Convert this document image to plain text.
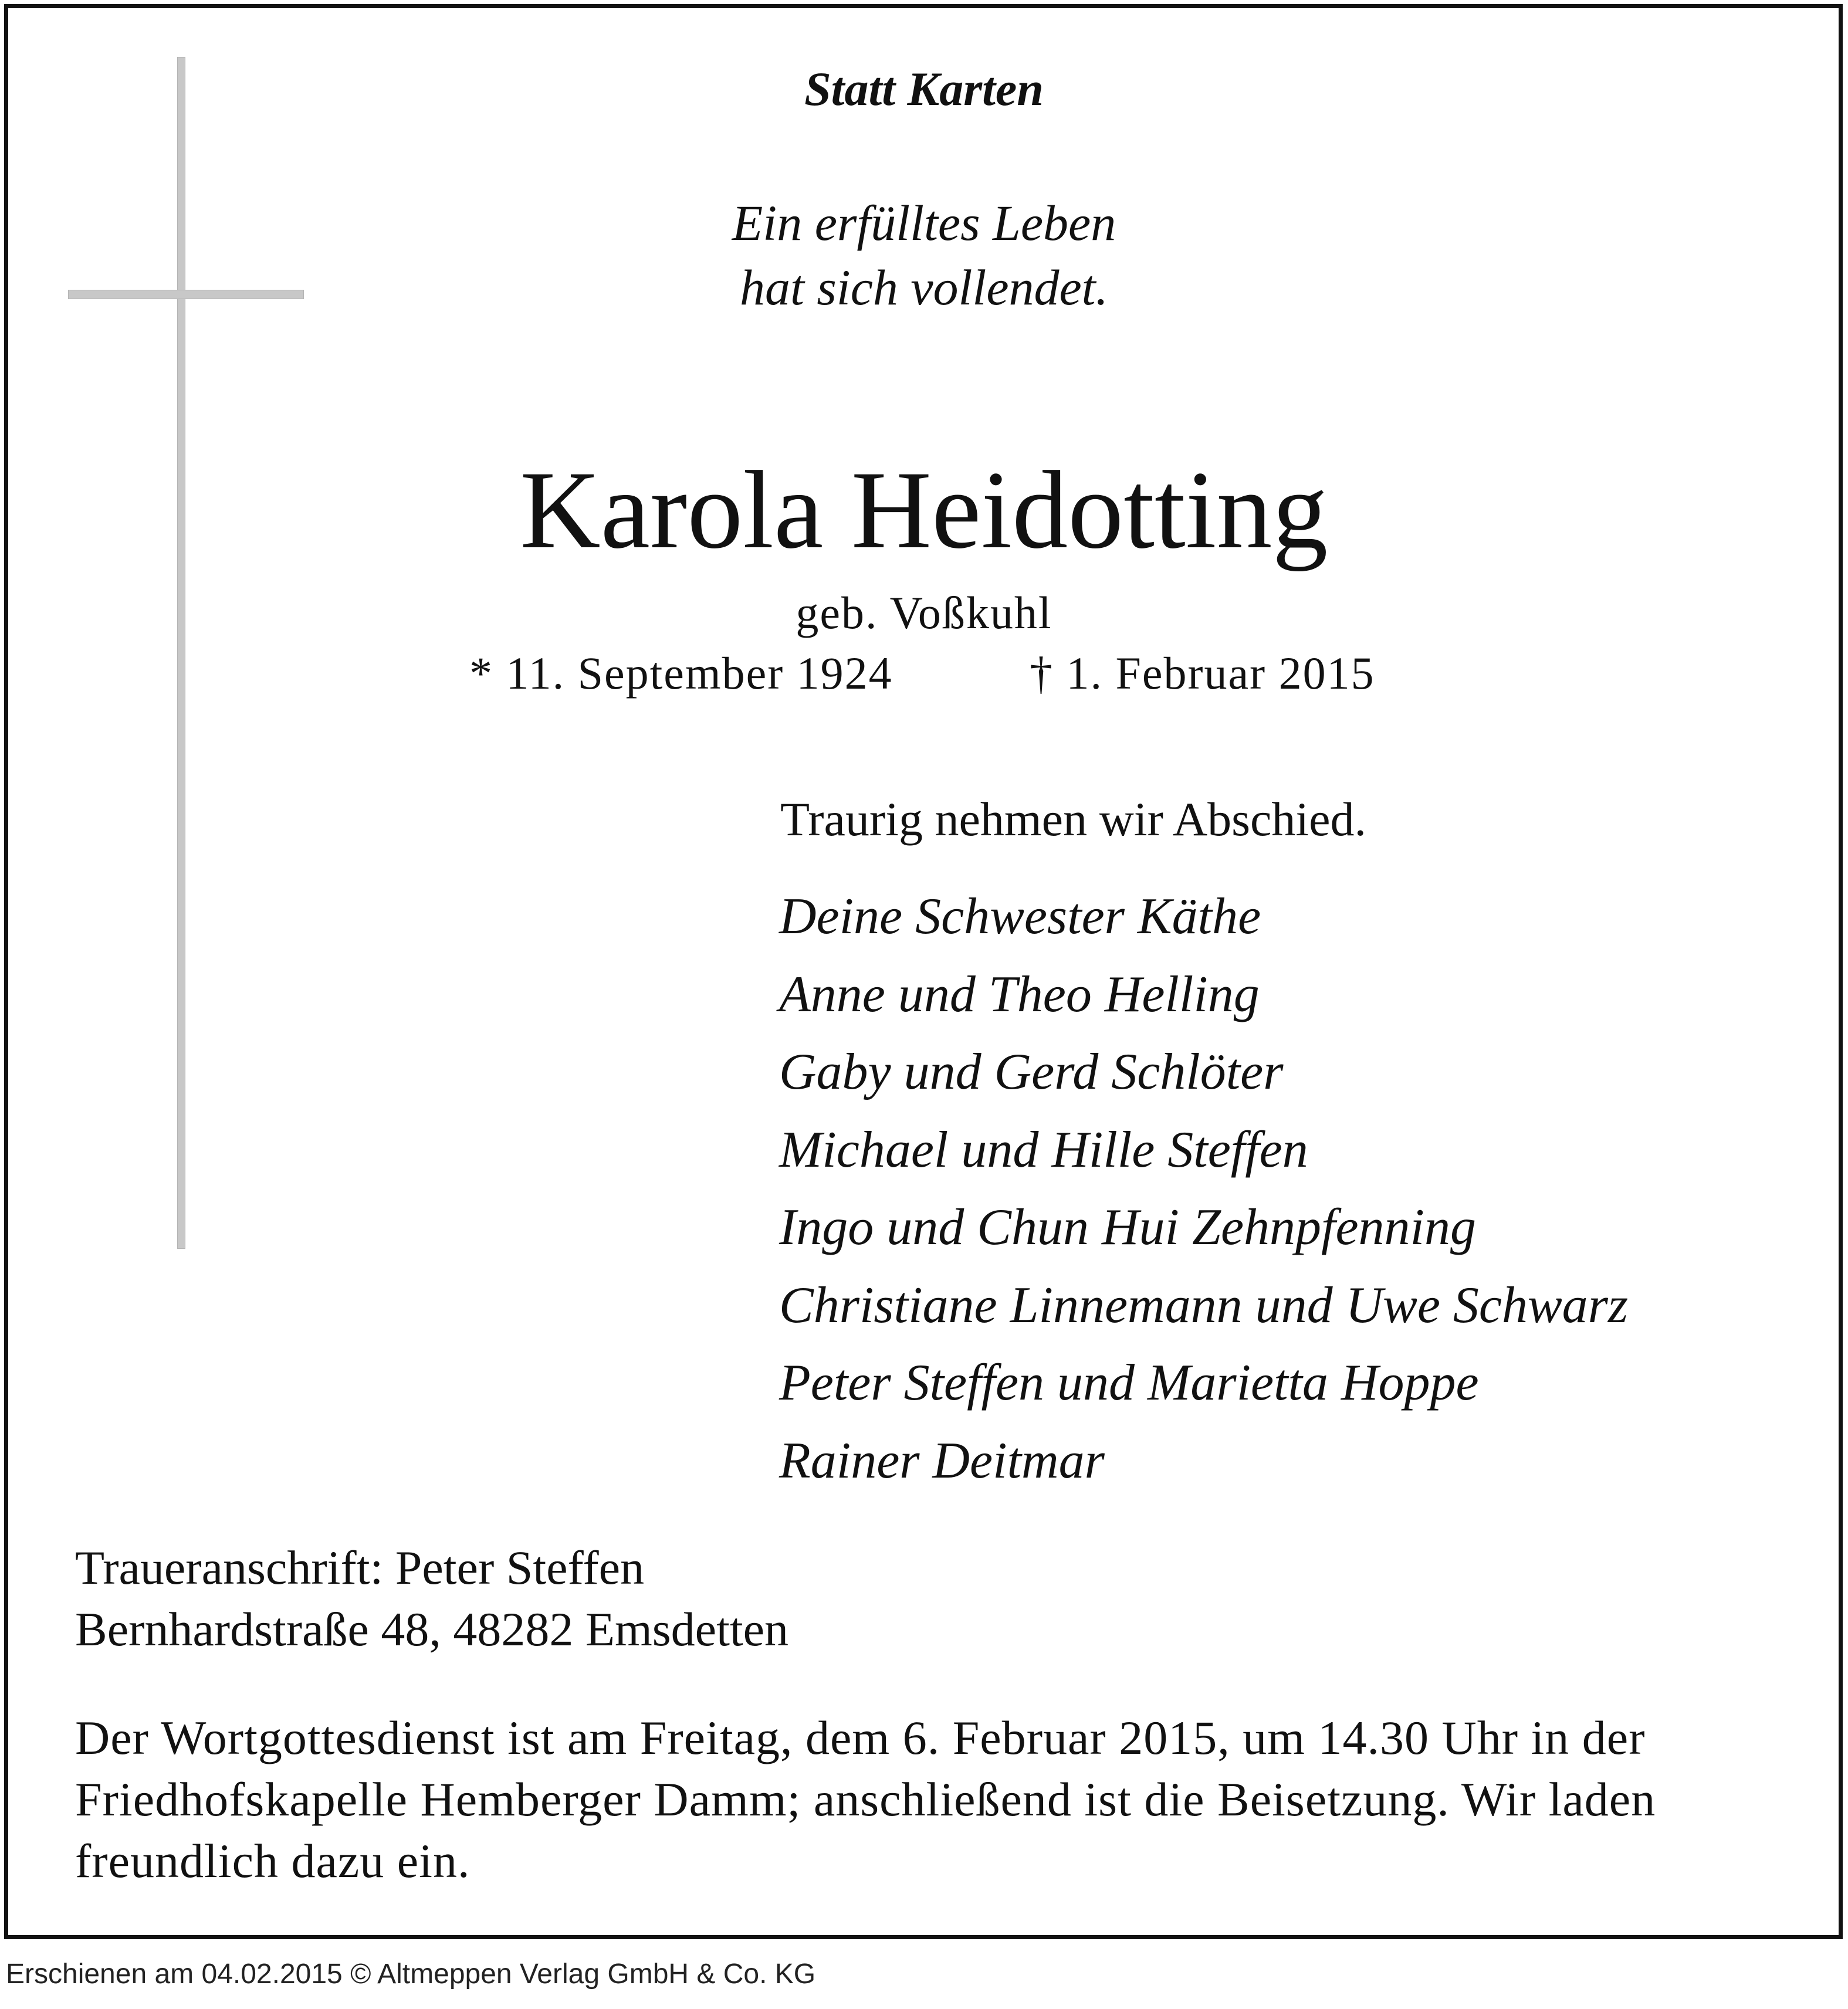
Statt Karten
Ein erfülltes Leben
hat sich vollendet.
Karola Heidotting
geb. Voßkuhl
* 11. September 1924	† 1. Februar 2015
Traurig nehmen wir Abschied.
Deine Schwester Käthe
Anne und Theo Helling
Gaby und Gerd Schlöter
Michael und Hille Steffen
Ingo und Chun Hui Zehnpfenning
Christiane Linnemann und Uwe Schwarz
Peter Steffen und Marietta Hoppe
Rainer Deitmar
Traueranschrift: Peter Steffen
Bernhardstraße 48, 48282 Emsdetten
Der Wortgottesdienst ist am Freitag, dem 6. Februar 2015, um 14.30 Uhr in der
Friedhofskapelle Hemberger Damm; anschließend ist die Beisetzung. Wir laden
freundlich dazu ein.
Erschienen am 04.02.2015 © Altmeppen Verlag GmbH & Co. KG
